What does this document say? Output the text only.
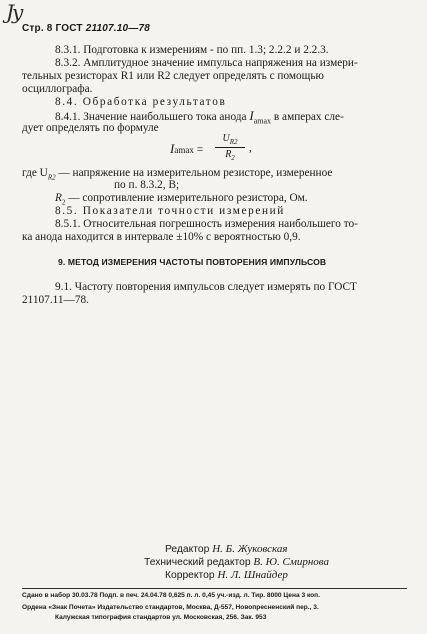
Ју
Стр. 8 ГОСТ 21107.10—78
8.3.1. Подготовка к измерениям - по пп. 1.3; 2.2.2 и 2.2.3.
8.3.2. Амплитудное значение импульса напряжения на измери-
тельных резисторах R1 или R2 следует определять с помощью
осциллографа.
8.4. Обработка результатов
8.4.1. Значение наибольшего тока анода $I_{amax}$ в амперах сле-
дует определять по формуле
Iamax =
$U_{R2}$
$R_2$
,
где $U_{R2}$ — напряжение на измерительном резисторе, измеренное
по п. 8.3.2, В;
$R_2$ — сопротивление измерительного резистора, Ом.
8.5. Показатели точности измерений
8.5.1. Относительная погрешность измерения наибольшего то-
ка анода находится в интервале ±10% с вероятностью 0,9.
9. МЕТОД ИЗМЕРЕНИЯ ЧАСТОТЫ ПОВТОРЕНИЯ ИМПУЛЬСОВ
9.1. Частоту повторения импульсов следует измерять по ГОСТ
21107.11—78.
Редактор Н. Б. Жуковская
Технический редактор В. Ю. Смирнова
Корректор Н. Л. Шнайдер
Сдано в набор 30.03.78 Подп. в печ. 24.04.78 0,625 п. л. 0,45 уч.-изд. л. Тир. 8000 Цена 3 коп.
Ордена «Знак Почета» Издательство стандартов, Москва, Д-557, Новопресненский пер., 3.
Калужская типография стандартов ул. Московская, 256. Зак. 953
